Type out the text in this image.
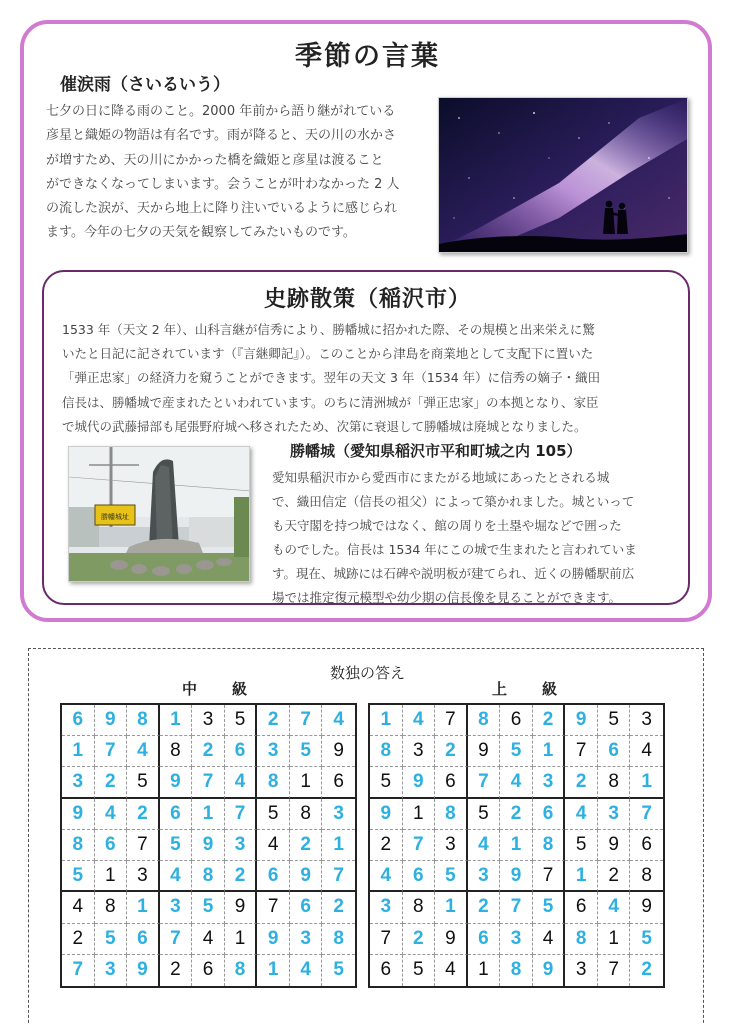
季節の言葉
催涙雨（さいるいう）
七夕の日に降る雨のこと。2000 年前から語り継がれている
彦星と織姫の物語は有名です。雨が降ると、天の川の水かさ
が増すため、天の川にかかった橋を織姫と彦星は渡ること
ができなくなってしまいます。会うことが叶わなかった 2 人
の流した涙が、天から地上に降り注いでいるように感じられ
ます。今年の七夕の天気を観察してみたいものです。
史跡散策（稲沢市）
1533 年（天文 2 年）、山科言継が信秀により、勝幡城に招かれた際、その規模と出来栄えに驚
いたと日記に記されています（『言継卿記』）。このことから津島を商業地として支配下に置いた
「弾正忠家」の経済力を窺うことができます。翌年の天文 3 年（1534 年）に信秀の嫡子・織田
信長は、勝幡城で産まれたといわれています。のちに清洲城が「弾正忠家」の本拠となり、家臣
で城代の武藤掃部も尾張野府城へ移されたため、次第に衰退して勝幡城は廃城となりました。
勝幡城（愛知県稲沢市平和町城之内 105）
勝幡城址
愛知県稲沢市から愛西市にまたがる地域にあったとされる城
で、織田信定（信長の祖父）によって築かれました。城といって
も天守閣を持つ城ではなく、館の周りを土塁や堀などで囲った
ものでした。信長は 1534 年にこの城で生まれたと言われていま
す。現在、城跡には石碑や説明板が建てられ、近くの勝幡駅前広
場では推定復元模型や幼少期の信長像を見ることができます。
数独の答え
中　級	上　級
6	9	8	1	3	5	2	7	4
1	7	4	8	2	6	3	5	9
3	2	5	9	7	4	8	1	6
9	4	2	6	1	7	5	8	3
8	6	7	5	9	3	4	2	1
5	1	3	4	8	2	6	9	7
4	8	1	3	5	9	7	6	2
2	5	6	7	4	1	9	3	8
7	3	9	2	6	8	1	4	5
1	4	7	8	6	2	9	5	3
8	3	2	9	5	1	7	6	4
5	9	6	7	4	3	2	8	1
9	1	8	5	2	6	4	3	7
2	7	3	4	1	8	5	9	6
4	6	5	3	9	7	1	2	8
3	8	1	2	7	5	6	4	9
7	2	9	6	3	4	8	1	5
6	5	4	1	8	9	3	7	2
